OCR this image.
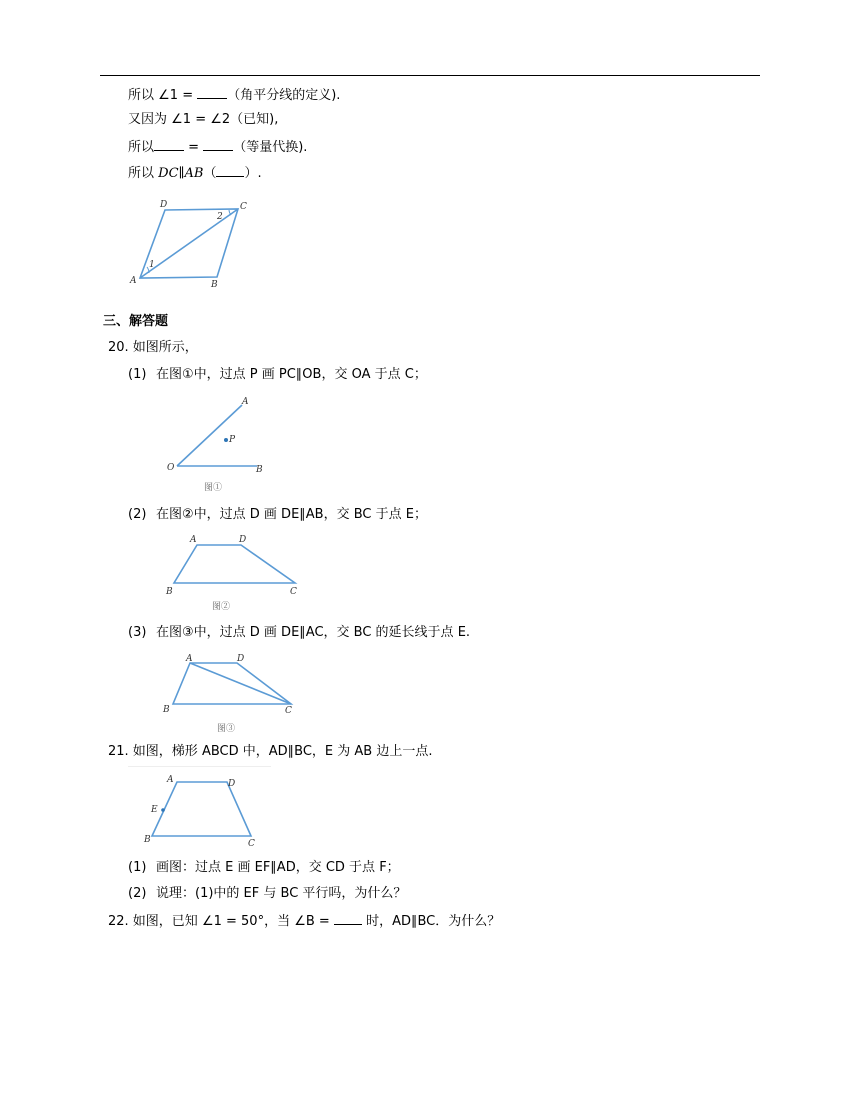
所以 ∠1 = （角平分线的定义).
又因为 ∠1 = ∠2（已知),
所以 = （等量代换).
所以 DC∥AB（ ）.
D	C
A	B
1
2
三、解答题
20. 如图所示，
(1) 在图①中，过点 P 画 PC∥OB，交 OA 于点 C；
A
O	B
P
图①
(2) 在图②中，过点 D 画 DE∥AB，交 BC 于点 E；
A	D
B	C
图②
(3) 在图③中，过点 D 画 DE∥AC，交 BC 的延长线于点 E.
A	D
B	C
图③
21. 如图，梯形 ABCD 中，AD∥BC，E 为 AB 边上一点.
A	D
E
B	C
(1) 画图：过点 E 画 EF∥AD，交 CD 于点 F；
(2) 说理：(1)中的 EF 与 BC 平行吗，为什么？
22. 如图，已知 ∠1 = 50°，当 ∠B =  时，AD∥BC．为什么？
